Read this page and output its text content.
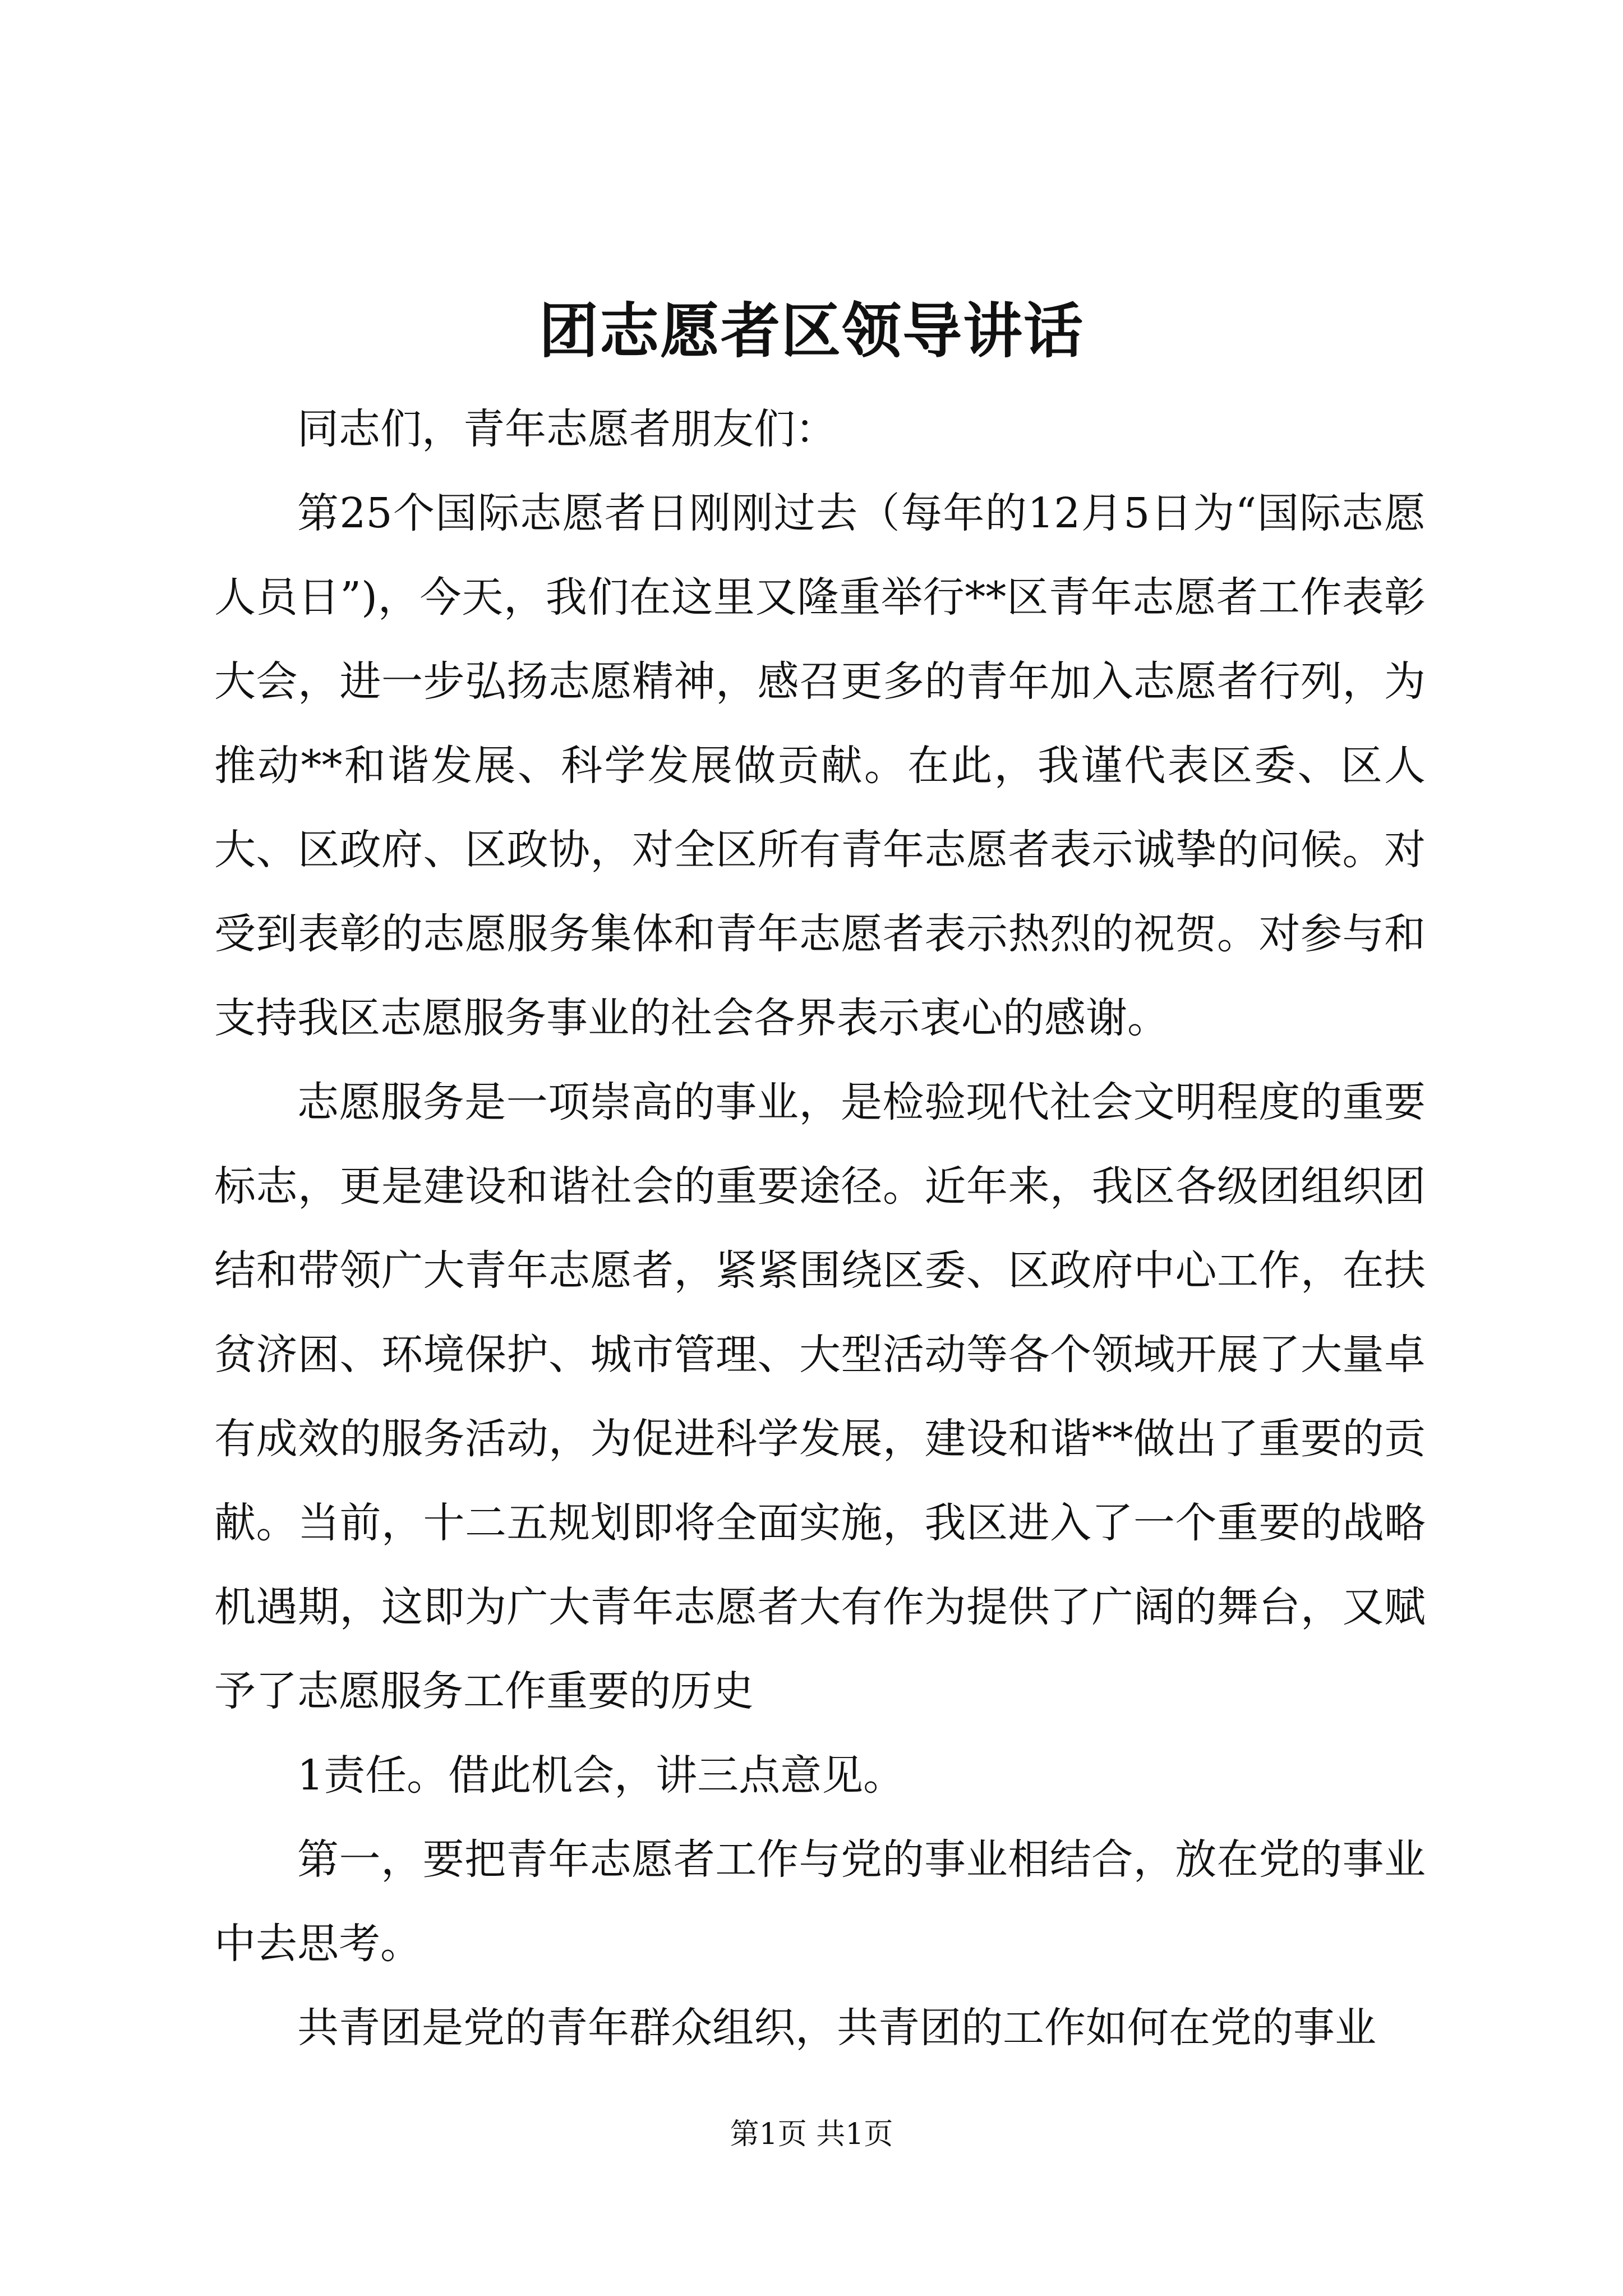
团志愿者区领导讲话

同志们，青年志愿者朋友们：

第25个国际志愿者日刚刚过去（每年的12月5日为“国际志愿人员日”)，今天，我们在这里又隆重举行**区青年志愿者工作表彰大会，进一步弘扬志愿精神，感召更多的青年加入志愿者行列，为推动**和谐发展、科学发展做贡献。在此，我谨代表区委、区人大、区政府、区政协，对全区所有青年志愿者表示诚挚的问候。对受到表彰的志愿服务集体和青年志愿者表示热烈的祝贺。对参与和支持我区志愿服务事业的社会各界表示衷心的感谢。

志愿服务是一项崇高的事业，是检验现代社会文明程度的重要标志，更是建设和谐社会的重要途径。近年来，我区各级团组织团结和带领广大青年志愿者，紧紧围绕区委、区政府中心工作，在扶贫济困、环境保护、城市管理、大型活动等各个领域开展了大量卓有成效的服务活动，为促进科学发展，建设和谐**做出了重要的贡献。当前，十二五规划即将全面实施，我区进入了一个重要的战略机遇期，这即为广大青年志愿者大有作为提供了广阔的舞台，又赋予了志愿服务工作重要的历史

1责任。借此机会，讲三点意见。

第一，要把青年志愿者工作与党的事业相结合，放在党的事业中去思考。

共青团是党的青年群众组织，共青团的工作如何在党的事业

第1页 共1页
